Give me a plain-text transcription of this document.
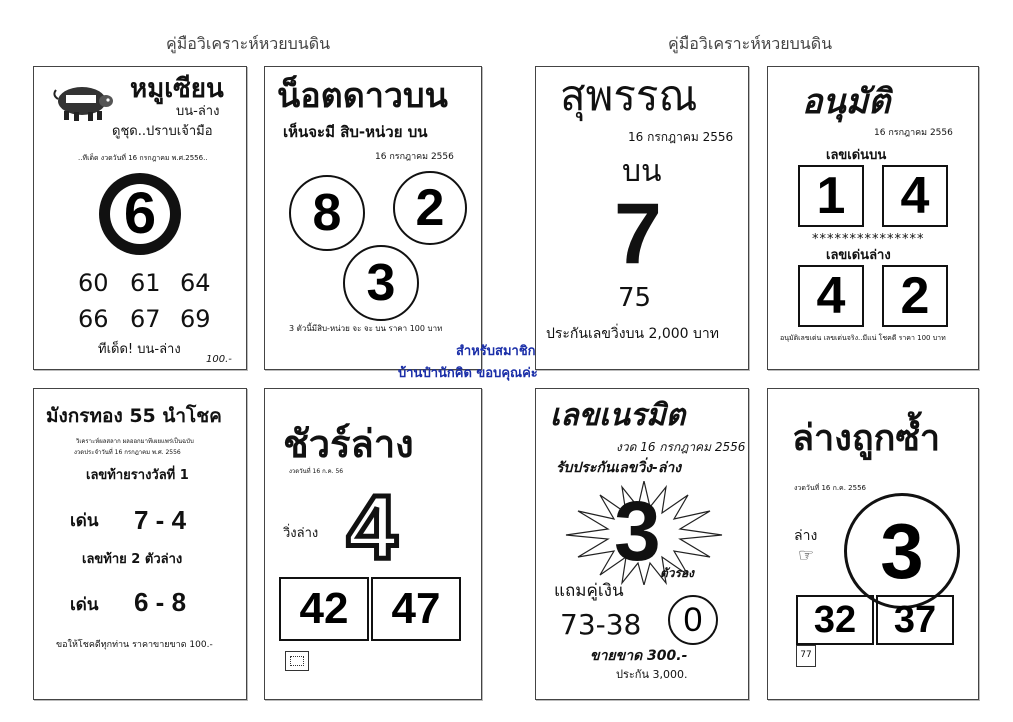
คู่มือวิเคราะห์หวยบนดิน	คู่มือวิเคราะห์หวยบนดิน
หมูเซียน
บน-ล่าง
ดูชุด..ปราบเจ้ามือ
..ทีเด็ด งวดวันที่ 16 กรกฎาคม พ.ศ.2556..
6
60 61 64
66 67 69
ทีเด็ด! บน-ล่าง
100.-
น็อตดาวบน
เห็นจะมี สิบ-หน่วย บน
16 กรกฎาคม 2556
8	2
3
3 ตัวนี้มีสิบ-หน่วย จะ จะ บน ราคา 100 บาท
สุพรรณ
16 กรกฎาคม 2556
บน
7
75
ประกันเลขวิ่งบน 2,000 บาท
อนุมัติ
16 กรกฎาคม 2556
เลขเด่นบน
1	4
***************
เลขเด่นล่าง
4	2
อนุมัติเลขเด่น เลขเด่นจริง..มีแน่ โชคดี ราคา 100 บาท
สำหรับสมาชิก
บ้านป๋านักคิด ขอบคุณค่ะ
มังกรทอง 55 นำโชค
วิเคราะห์ผลสลาก ผลออกมาทีเผยแพร่เป็นฉบับ
งวดประจำวันที่ 16 กรกฎาคม พ.ศ. 2556
เลขท้ายรางวัลที่ 1
เด่น 7 - 4
เลขท้าย 2 ตัวล่าง
เด่น 6 - 8
ขอให้โชคดีทุกท่าน ราคาขายขาด 100.-
ชัวร์ล่าง
งวดวันที่ 16 ก.ค. 56
4
วิ่งล่าง
42 47
เลขเนรมิต
งวด 16 กรกฎาคม 2556
รับประกันเลขวิ่ง-ล่าง
3 ตัวรอง
แถมคู่เงิน
73-38	0
ขายขาด 300.-
ประกัน 3,000.
ล่างถูกซ้ำ
งวดวันที่ 16 ก.ค. 2556
3
ล่าง
☞
32 37
77
